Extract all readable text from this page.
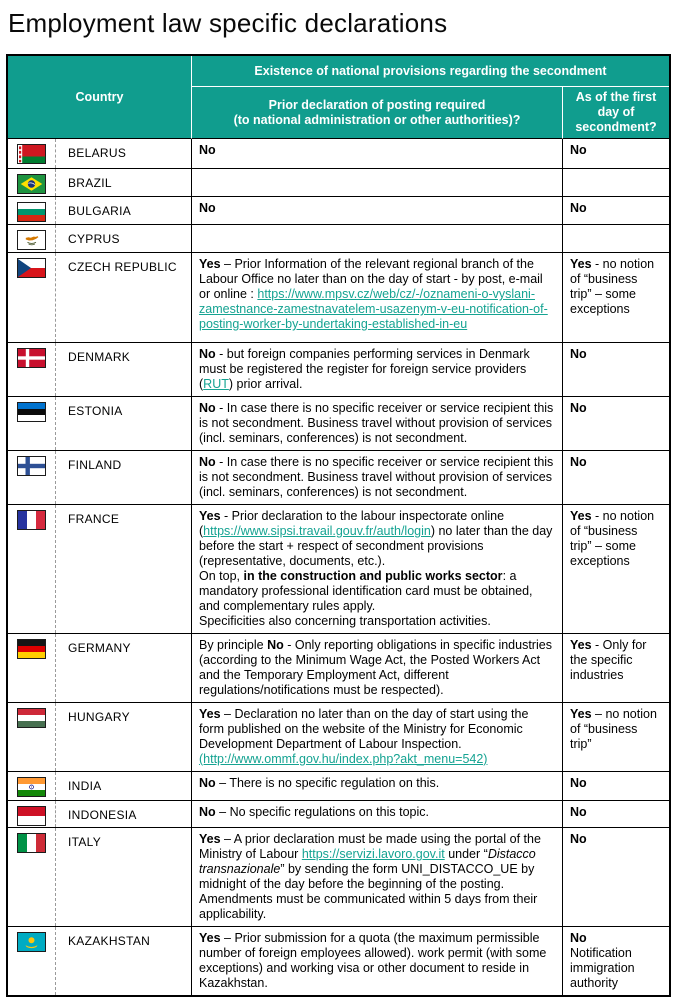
Employment law specific declarations
Country	Existence of national provisions regarding the secondment	
	Prior declaration of posting required
(to national administration or other authorities)?	As of the first day of secondment?

BELARUS	No	No

BRAZIL		

BULGARIA	No	No

CYPRUS		

CZECH REPUBLIC	Yes – Prior Information of the relevant regional branch of the Labour Office no later than on the day of start - by post, e-mail or online : https://www.mpsv.cz/web/cz/-/oznameni-o-vyslani-zamestnance-zamestnavatelem-usazenym-v-eu-notification-of-posting-worker-by-undertaking-established-in-eu	Yes - no notion of “business trip” – some exceptions

DENMARK	No - but foreign companies performing services in Denmark must be registered the register for foreign service providers (RUT) prior arrival.	No

ESTONIA	No - In case there is no specific receiver or service recipient this is not secondment. Business travel without provision of services (incl. seminars, conferences) is not secondment.	No

FINLAND	No - In case there is no specific receiver or service recipient this is not secondment. Business travel without provision of services (incl. seminars, conferences) is not secondment.	No

FRANCE	Yes - Prior declaration to the labour inspectorate online (https://www.sipsi.travail.gouv.fr/auth/login) no later than the day before the start + respect of secondment provisions (representative, documents, etc.).
On top, in the construction and public works sector: a mandatory professional identification card must be obtained, and complementary rules apply.
Specificities also concerning transportation activities.	Yes - no notion of “business trip” – some exceptions

GERMANY	By principle No - Only reporting obligations in specific industries (according to the Minimum Wage Act, the Posted Workers Act and the Temporary Employment Act, different regulations/notifications must be respected).	Yes - Only for the specific industries

HUNGARY	Yes – Declaration no later than on the day of start using the form published on the website of the Ministry for Economic Development Department of Labour Inspection.
(http://www.ommf.gov.hu/index.php?akt_menu=542)	Yes – no notion of “business trip”

INDIA	No – There is no specific regulation on this.	No

INDONESIA	No – No specific regulations on this topic.	No

ITALY	Yes – A prior declaration must be made using the portal of the Ministry of Labour https://servizi.lavoro.gov.it under “Distacco transnazionale” by sending the form UNI_DISTACCO_UE by midnight of the day before the beginning of the posting. Amendments must be communicated within 5 days from their applicability.	No

KAZAKHSTAN	Yes – Prior submission for a quota (the maximum permissible number of foreign employees allowed). work permit (with some exceptions) and working visa or other document to reside in Kazakhstan.	No
Notification immigration authority
